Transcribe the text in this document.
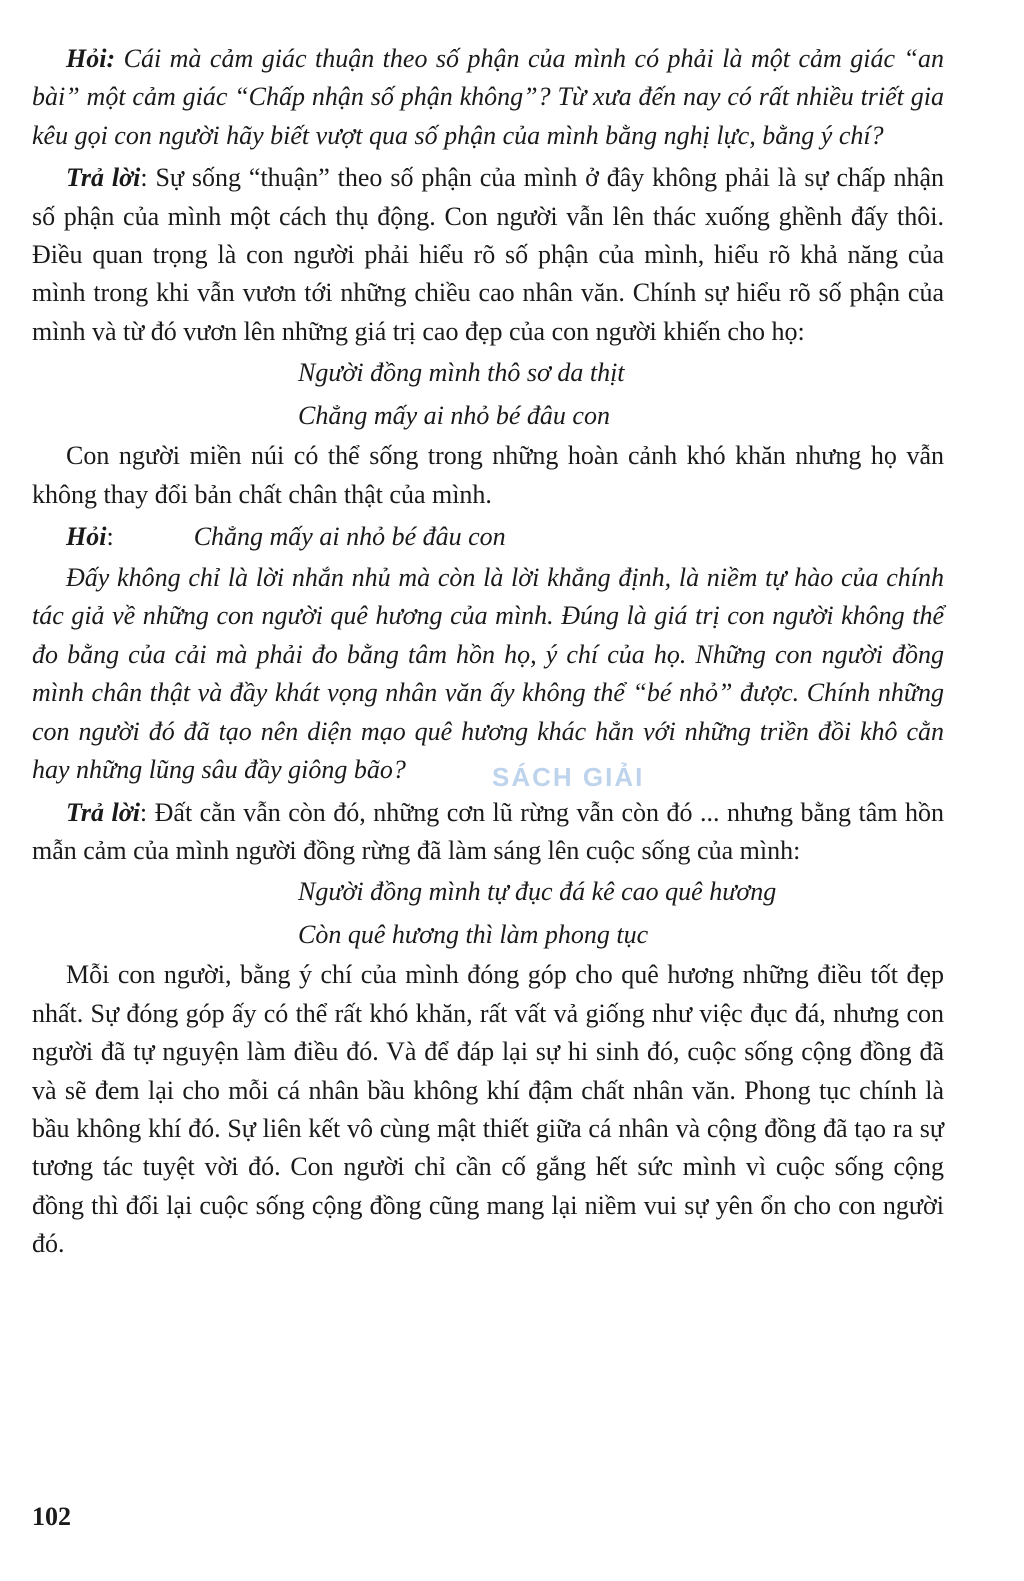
Hỏi: Cái mà cảm giác thuận theo số phận của mình có phải là một cảm giác “an bài” một cảm giác “Chấp nhận số phận không”? Từ xưa đến nay có rất nhiều triết gia kêu gọi con người hãy biết vượt qua số phận của mình bằng nghị lực, bằng ý chí?

Trả lời: Sự sống “thuận” theo số phận của mình ở đây không phải là sự chấp nhận số phận của mình một cách thụ động. Con người vẫn lên thác xuống ghềnh đấy thôi. Điều quan trọng là con người phải hiểu rõ số phận của mình, hiểu rõ khả năng của mình trong khi vẫn vươn tới những chiều cao nhân văn. Chính sự hiểu rõ số phận của mình và từ đó vươn lên những giá trị cao đẹp của con người khiến cho họ:

Người đồng mình thô sơ da thịt
Chẳng mấy ai nhỏ bé đâu con

Con người miền núi có thể sống trong những hoàn cảnh khó khăn nhưng họ vẫn không thay đổi bản chất chân thật của mình.

Hỏi:	Chẳng mấy ai nhỏ bé đâu con

Đấy không chỉ là lời nhắn nhủ mà còn là lời khẳng định, là niềm tự hào của chính tác giả về những con người quê hương của mình. Đúng là giá trị con người không thể đo bằng của cải mà phải đo bằng tâm hồn họ, ý chí của họ. Những con người đồng mình chân thật và đầy khát vọng nhân văn ấy không thể “bé nhỏ” được. Chính những con người đó đã tạo nên diện mạo quê hương khác hẳn với những triền đồi khô cằn hay những lũng sâu đầy giông bão?

Trả lời: Đất cằn vẫn còn đó, những cơn lũ rừng vẫn còn đó ... nhưng bằng tâm hồn mẫn cảm của mình người đồng rừng đã làm sáng lên cuộc sống của mình:

Người đồng mình tự đục đá kê cao quê hương
Còn quê hương thì làm phong tục

Mỗi con người, bằng ý chí của mình đóng góp cho quê hương những điều tốt đẹp nhất. Sự đóng góp ấy có thể rất khó khăn, rất vất vả giống như việc đục đá, nhưng con người đã tự nguyện làm điều đó. Và để đáp lại sự hi sinh đó, cuộc sống cộng đồng đã và sẽ đem lại cho mỗi cá nhân bầu không khí đậm chất nhân văn. Phong tục chính là bầu không khí đó. Sự liên kết vô cùng mật thiết giữa cá nhân và cộng đồng đã tạo ra sự tương tác tuyệt vời đó. Con người chỉ cần cố gắng hết sức mình vì cuộc sống cộng đồng thì đổi lại cuộc sống cộng đồng cũng mang lại niềm vui sự yên ổn cho con người đó.

SÁCH GIẢI
102
